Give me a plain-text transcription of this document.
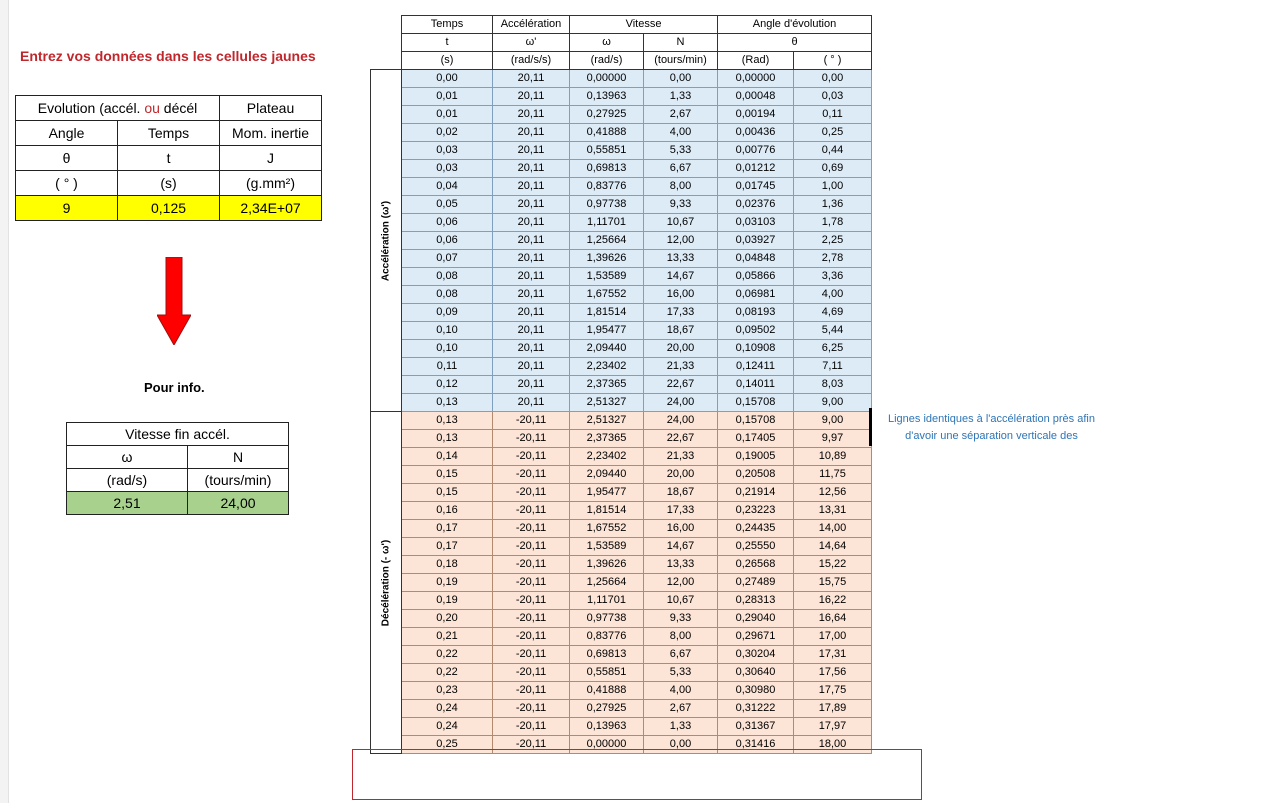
Entrez vos données dans les cellules jaunes
Evolution (accél. ou décél		Plateau
Angle	Temps	Mom. inertie
θ	t	J
( ° )	(s)	(g.mm²)
9	0,125	2,34E+07
Pour info.
Vitesse fin accél.	
ω	N
(rad/s)	(tours/min)
2,51	24,00
	Temps	Accélération	Vitesse		Angle d'évolution	
	t	ω'	ω	N	θ	
	(s)	(rad/s/s)	(rad/s)	(tours/min)	(Rad)	( ° )

Accélération (ω')	0,00	20,11	0,00000	0,00	0,00000	0,00
	0,01	20,11	0,13963	1,33	0,00048	0,03
	0,01	20,11	0,27925	2,67	0,00194	0,11
	0,02	20,11	0,41888	4,00	0,00436	0,25
	0,03	20,11	0,55851	5,33	0,00776	0,44
	0,03	20,11	0,69813	6,67	0,01212	0,69
	0,04	20,11	0,83776	8,00	0,01745	1,00
	0,05	20,11	0,97738	9,33	0,02376	1,36
	0,06	20,11	1,11701	10,67	0,03103	1,78
	0,06	20,11	1,25664	12,00	0,03927	2,25
	0,07	20,11	1,39626	13,33	0,04848	2,78
	0,08	20,11	1,53589	14,67	0,05866	3,36
	0,08	20,11	1,67552	16,00	0,06981	4,00
	0,09	20,11	1,81514	17,33	0,08193	4,69
	0,10	20,11	1,95477	18,67	0,09502	5,44
	0,10	20,11	2,09440	20,00	0,10908	6,25
	0,11	20,11	2,23402	21,33	0,12411	7,11
	0,12	20,11	2,37365	22,67	0,14011	8,03
	0,13	20,11	2,51327	24,00	0,15708	9,00

Décélération (- ω')	0,13	-20,11	2,51327	24,00	0,15708	9,00
	0,13	-20,11	2,37365	22,67	0,17405	9,97
	0,14	-20,11	2,23402	21,33	0,19005	10,89
	0,15	-20,11	2,09440	20,00	0,20508	11,75
	0,15	-20,11	1,95477	18,67	0,21914	12,56
	0,16	-20,11	1,81514	17,33	0,23223	13,31
	0,17	-20,11	1,67552	16,00	0,24435	14,00
	0,17	-20,11	1,53589	14,67	0,25550	14,64
	0,18	-20,11	1,39626	13,33	0,26568	15,22
	0,19	-20,11	1,25664	12,00	0,27489	15,75
	0,19	-20,11	1,11701	10,67	0,28313	16,22
	0,20	-20,11	0,97738	9,33	0,29040	16,64
	0,21	-20,11	0,83776	8,00	0,29671	17,00
	0,22	-20,11	0,69813	6,67	0,30204	17,31
	0,22	-20,11	0,55851	5,33	0,30640	17,56
	0,23	-20,11	0,41888	4,00	0,30980	17,75
	0,24	-20,11	0,27925	2,67	0,31222	17,89
	0,24	-20,11	0,13963	1,33	0,31367	17,97
	0,25	-20,11	0,00000	0,00	0,31416	18,00
Lignes identiques à l'accélération près afin
d'avoir une séparation verticale des
